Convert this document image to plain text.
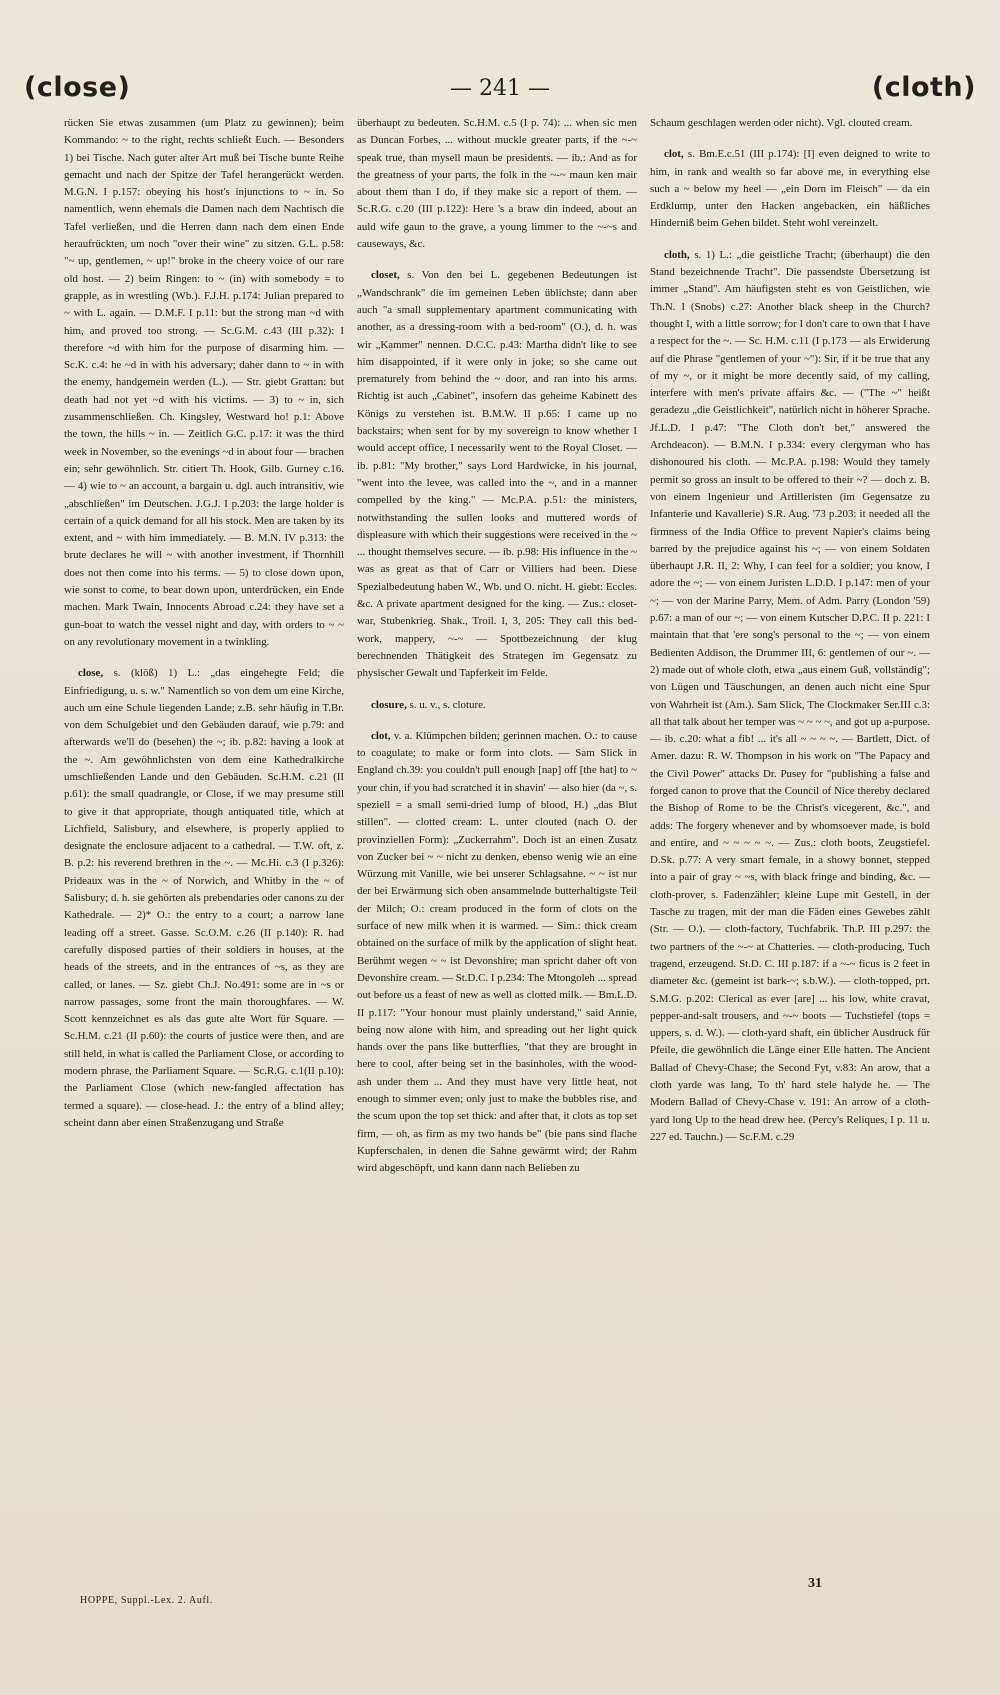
(close)	— 241 —	(cloth)

rücken Sie etwas zusammen (um Platz zu gewinnen); beim Kommando: ~ to the right, rechts schließt Euch. — Besonders 1) bei Tische. Nach guter alter Art muß bei Tische bunte Reihe gemacht und nach der Spitze der Tafel herangerückt werden. M.G.N. I p.157: obeying his host's injunctions to ~ in. So namentlich, wenn ehemals die Damen nach dem Nachtisch die Tafel verließen, und die Herren dann nach dem einen Ende heraufrückten, um noch "over their wine" zu sitzen. G.L. p.58: "~ up, gentlemen, ~ up!" broke in the cheery voice of our rare old host. — 2) beim Ringen: to ~ (in) with somebody = to grapple, as in wrestling (Wb.). F.J.H. p.174: Julian prepared to ~ with L. again. — D.M.F. I p.11: but the strong man ~d with him, and proved too strong. — Sc.G.M. c.43 (III p.32): I therefore ~d with him for the purpose of disarming him. —Sc.K. c.4: he ~d in with his adversary; daher dann to ~ in with the enemy, handgemein werden (L.). — Str. giebt Grattan: but death had not yet ~d with his victims. — 3) to ~ in, sich zusammenschließen. Ch. Kingsley, Westward ho! p.1: Above the town, the hills ~ in. — Zeitlich G.C. p.17: it was the third week in November, so the evenings ~d in about four — brachen ein; sehr gewöhnlich. Str. citiert Th. Hook, Gilb. Gurney c.16. — 4) wie to ~ an account, a bargain u. dgl. auch intransitiv, wie „abschließen" im Deutschen. J.G.J. I p.203: the large holder is certain of a quick demand for all his stock. Men are taken by its extent, and ~ with him immediately. — B. M.N. IV p.313: the brute declares he will ~ with another investment, if Thornhill does not then come into his terms. — 5) to close down upon, wie sonst to come, to bear down upon, unterdrücken, ein Ende machen. Mark Twain, Innocents Abroad c.24: they have set a gun-boat to watch the vessel night and day, with orders to ~ ~ on any revolutionary movement in a twinkling.

close, s. (klōß) 1) L.: „das eingehegte Feld; die Einfriedigung, u. s. w." Namentlich so von dem um eine Kirche, auch um eine Schule liegenden Lande; z.B. sehr häufig in T.Br. von dem Schulgebiet und den Gebäuden darauf, wie p.79: and afterwards we'll do (besehen) the ~; ib. p.82: having a look at the ~. Am gewöhnlichsten von dem eine Kathedralkirche umschließenden Lande und den Gebäuden. Sc.H.M. c.21 (II p.61): the small quadrangle, or Close, if we may presume still to give it that appropriate, though antiquated title, which at Lichfield, Salisbury, and elsewhere, is properly applied to designate the enclosure adjacent to a cathedral. — T.W. oft, z. B. p.2: his reverend brethren in the ~. — Mc.Hi. c.3 (I p.326): Prideaux was in the ~ of Norwich, and Whitby in the ~ of Salisbury; d. h. sie gehörten als prebendaries oder canons zu der Kathedrale. — 2)* O.: the entry to a court; a narrow lane leading off a street. Gasse. Sc.O.M. c.26 (II p.140): R. had carefully disposed parties of their soldiers in houses, at the heads of the streets, and in the entrances of ~s, as they are called, or lanes. — Sz. giebt Ch.J. No.491: some are in ~s or narrow passages, some front the main thoroughfares. — W. Scott kennzeichnet es als das gute alte Wort für Square. — Sc.H.M. c.21 (II p.60): the courts of justice were then, and are still held, in what is called the Parliament Close, or according to modern phrase, the Parliament Square. — Sc.R.G. c.1(II p.10): the Parliament Close (which new-fangled affectation has termed a square). — close-head. J.: the entry of a blind alley; scheint dann aber einen Straßenzugang und Straße

überhaupt zu bedeuten. Sc.H.M. c.5 (I p. 74): ... when sic men as Duncan Forbes, ... without muckle greater parts, if the ~-~ speak true, than mysell maun be presidents. — ib.: And as for the greatness of your parts, the folk in the ~-~ maun ken mair about them than I do, if they make sic a report of them. — Sc.R.G. c.20 (III p.122): Here 's a braw din indeed, about an auld wife gaun to the grave, a young limmer to the ~-~s and causeways, &c.

closet, s. Von den bei L. gegebenen Bedeutungen ist „Wandschrank" die im gemeinen Leben üblichste; dann aber auch "a small supplementary apartment communicating with another, as a dressing-room with a bed-room" (O.), d. h. was wir „Kammer" nennen. D.C.C. p.43: Martha didn't like to see him disappointed, if it were only in joke; so she came out prematurely from behind the ~ door, and ran into his arms. Richtig ist auch „Cabinet", insofern das geheime Kabinett des Königs zu verstehen ist. B.M.W. II p.65: I came up no backstairs; when sent for by my sovereign to know whether I would accept office, I necessarily went to the Royal Closet. — ib. p.81: "My brother," says Lord Hardwicke, in his journal, "went into the levee, was called into the ~, and in a manner compelled by the king." — Mc.P.A. p.51: the ministers, notwithstanding the sullen looks and muttered words of displeasure with which their suggestions were received in the ~ ... thought themselves secure. — ib. p.98: His influence in the ~ was as great as that of Carr or Villiers had been. Diese Spezialbedeutung haben W., Wb. und O. nicht. H. giebt: Eccles. &c. A private apartment designed for the king. — Zus.: closet-war, Stubenkrieg. Shak., Troil. I, 3, 205: They call this bed-work, mappery, ~-~ — Spottbezeichnung der klug berechnenden Thätigkeit des Strategen im Gegensatz zu physischer Gewalt und Tapferkeit im Felde.

closure, s. u. v., s. cloture.

clot, v. a. Klümpchen bilden; gerinnen machen. O.: to cause to coagulate; to make or form into clots. — Sam Slick in England ch.39: you couldn't pull enough [nap] off [the hat] to ~ your chin, if you had scratched it in shavin' — also hier (da ~, s. speziell = a small semi-dried lump of blood, H.) „das Blut stillen". — clotted cream: L. unter clouted (nach O. der provinziellen Form): „Zuckerrahm". Doch ist an einen Zusatz von Zucker bei ~ ~ nicht zu denken, ebenso wenig wie an eine Würzung mit Vanille, wie bei unserer Schlagsahne. ~ ~ ist nur der bei Erwärmung sich oben ansammelnde butterhaltigste Teil der Milch; O.: cream produced in the form of clots on the surface of new milk when it is warmed. — Sim.: thick cream obtained on the surface of milk by the application of slight heat. Berühmt wegen ~ ~ ist Devonshire; man spricht daher oft von Devonshire cream. — St.D.C. I p.234: The Mtongoleh ... spread out before us a feast of new as well as clotted milk. — Bm.L.D. II p.117: "Your honour must plainly understand," said Annie, being now alone with him, and spreading out her light quick hands over the pans like butterflies, "that they are brought in here to cool, after being set in the basinholes, with the wood-ash under them ... And they must have very little heat, not enough to simmer even; only just to make the bubbles rise, and the scum upon the top set thick: and after that, it clots as top set firm, — oh, as firm as my two hands be" (bie pans sind flache Kupferschalen, in denen die Sahne gewärmt wird; der Rahm wird abgeschöpft, und kann dann nach Belieben zu

Schaum geschlagen werden oder nicht). Vgl. clouted cream.

clot, s. Bm.E.c.51 (III p.174): [I] even deigned to write to him, in rank and wealth so far above me, in everything else such a ~ below my heel — „ein Dorn im Fleisch" — da ein Erdklump, unter den Hacken angebacken, ein häßliches Hinderniß beim Gehen bildet. Steht wohl vereinzelt.

cloth, s. 1) L.: „die geistliche Tracht; (überhaupt) die den Stand bezeichnende Tracht". Die passendste Übersetzung ist immer „Stand". Am häufigsten steht es von Geistlichen, wie Th.N. I (Snobs) c.27: Another black sheep in the Church? thought I, with a little sorrow; for I don't care to own that I have a respect for the ~. — Sc. H.M. c.11 (I p.173 — als Erwiderung auf die Phrase "gentlemen of your ~"): Sir, if it be true that any of my ~, or it might be more decently said, of my calling, interfere with men's private affairs &c. — ("The ~" heißt geradezu „die Geistlichkeit", natürlich nicht in höherer Sprache. Jf.L.D. I p.47: "The Cloth don't bet," answered the Archdeacon). — B.M.N. I p.334: every clergyman who has dishonoured his cloth. — Mc.P.A. p.198: Would they tamely permit so gross an insult to be offered to their ~? — doch z. B. von einem Ingenieur und Artilleristen (im Gegensatze zu Infanterie und Kavallerie) S.R. Aug. '73 p.203: it needed all the firmness of the India Office to prevent Napier's claims being barred by the prejudice against his ~; — von einem Soldaten überhaupt J.R. II, 2: Why, I can feel for a soldier; you know, I adore the ~; — von einem Juristen L.D.D. I p.147: men of your ~; — von der Marine Parry, Mem. of Adm. Parry (London '59) p.67: a man of our ~; — von einem Kutscher D.P.C. II p. 221: I maintain that that 'ere song's personal to the ~; — von einem Bedienten Addison, the Drummer III, 6: gentlemen of our ~. — 2) made out of whole cloth, etwa „aus einem Guß, vollständig"; von Lügen und Täuschungen, an denen auch nicht eine Spur von Wahrheit ist (Am.). Sam Slick, The Clockmaker Ser.III c.3: all that talk about her temper was ~ ~ ~ ~, and got up a-purpose. — ib. c.20: what a fib! ... it's all ~ ~ ~ ~. — Bartlett, Dict. of Amer. dazu: R. W. Thompson in his work on "The Papacy and the Civil Power" attacks Dr. Pusey for "publishing a false and forged canon to prove that the Council of Nice thereby declared the Bishop of Rome to be the Christ's vicegerent, &c.", and adds: The forgery whenever and by whomsoever made, is bold and entire, and ~ ~ ~ ~ ~. — Zus.: cloth boots, Zeugstiefel. D.Sk. p.77: A very smart female, in a showy bonnet, stepped into a pair of gray ~ ~s, with black fringe and binding, &c. — cloth-prover, s. Fadenzähler; kleine Lupe mit Gestell, in der Tasche zu tragen, mit der man die Fäden eines Gewebes zählt (Str. — O.). — cloth-factory, Tuchfabrik. Th.P. III p.297: the two partners of the ~-~ at Chatteries. — cloth-producing, Tuch tragend, erzeugend. St.D. C. III p.187: if a ~-~ ficus is 2 feet in diameter &c. (gemeint ist bark-~; s.b.W.). — cloth-topped, prt. S.M.G. p.202: Clerical as ever [are] ... his low, white cravat, pepper-and-salt trousers, and ~-~ boots — Tuchstiefel (tops = uppers, s. d. W.). — cloth-yard shaft, ein üblicher Ausdruck für Pfeile, die gewöhnlich die Länge einer Elle hatten. The Ancient Ballad of Chevy-Chase; the Second Fyt, v.83: An arow, that a cloth yarde was lang, To th' hard stele halyde he. — The Modern Ballad of Chevy-Chase v. 191: An arrow of a cloth-yard long Up to the head drew hee. (Percy's Reliques, I p. 11 u. 227 ed. Tauchn.) — Sc.F.M. c.29

HOPPE, Suppl.-Lex. 2. Aufl.
31
